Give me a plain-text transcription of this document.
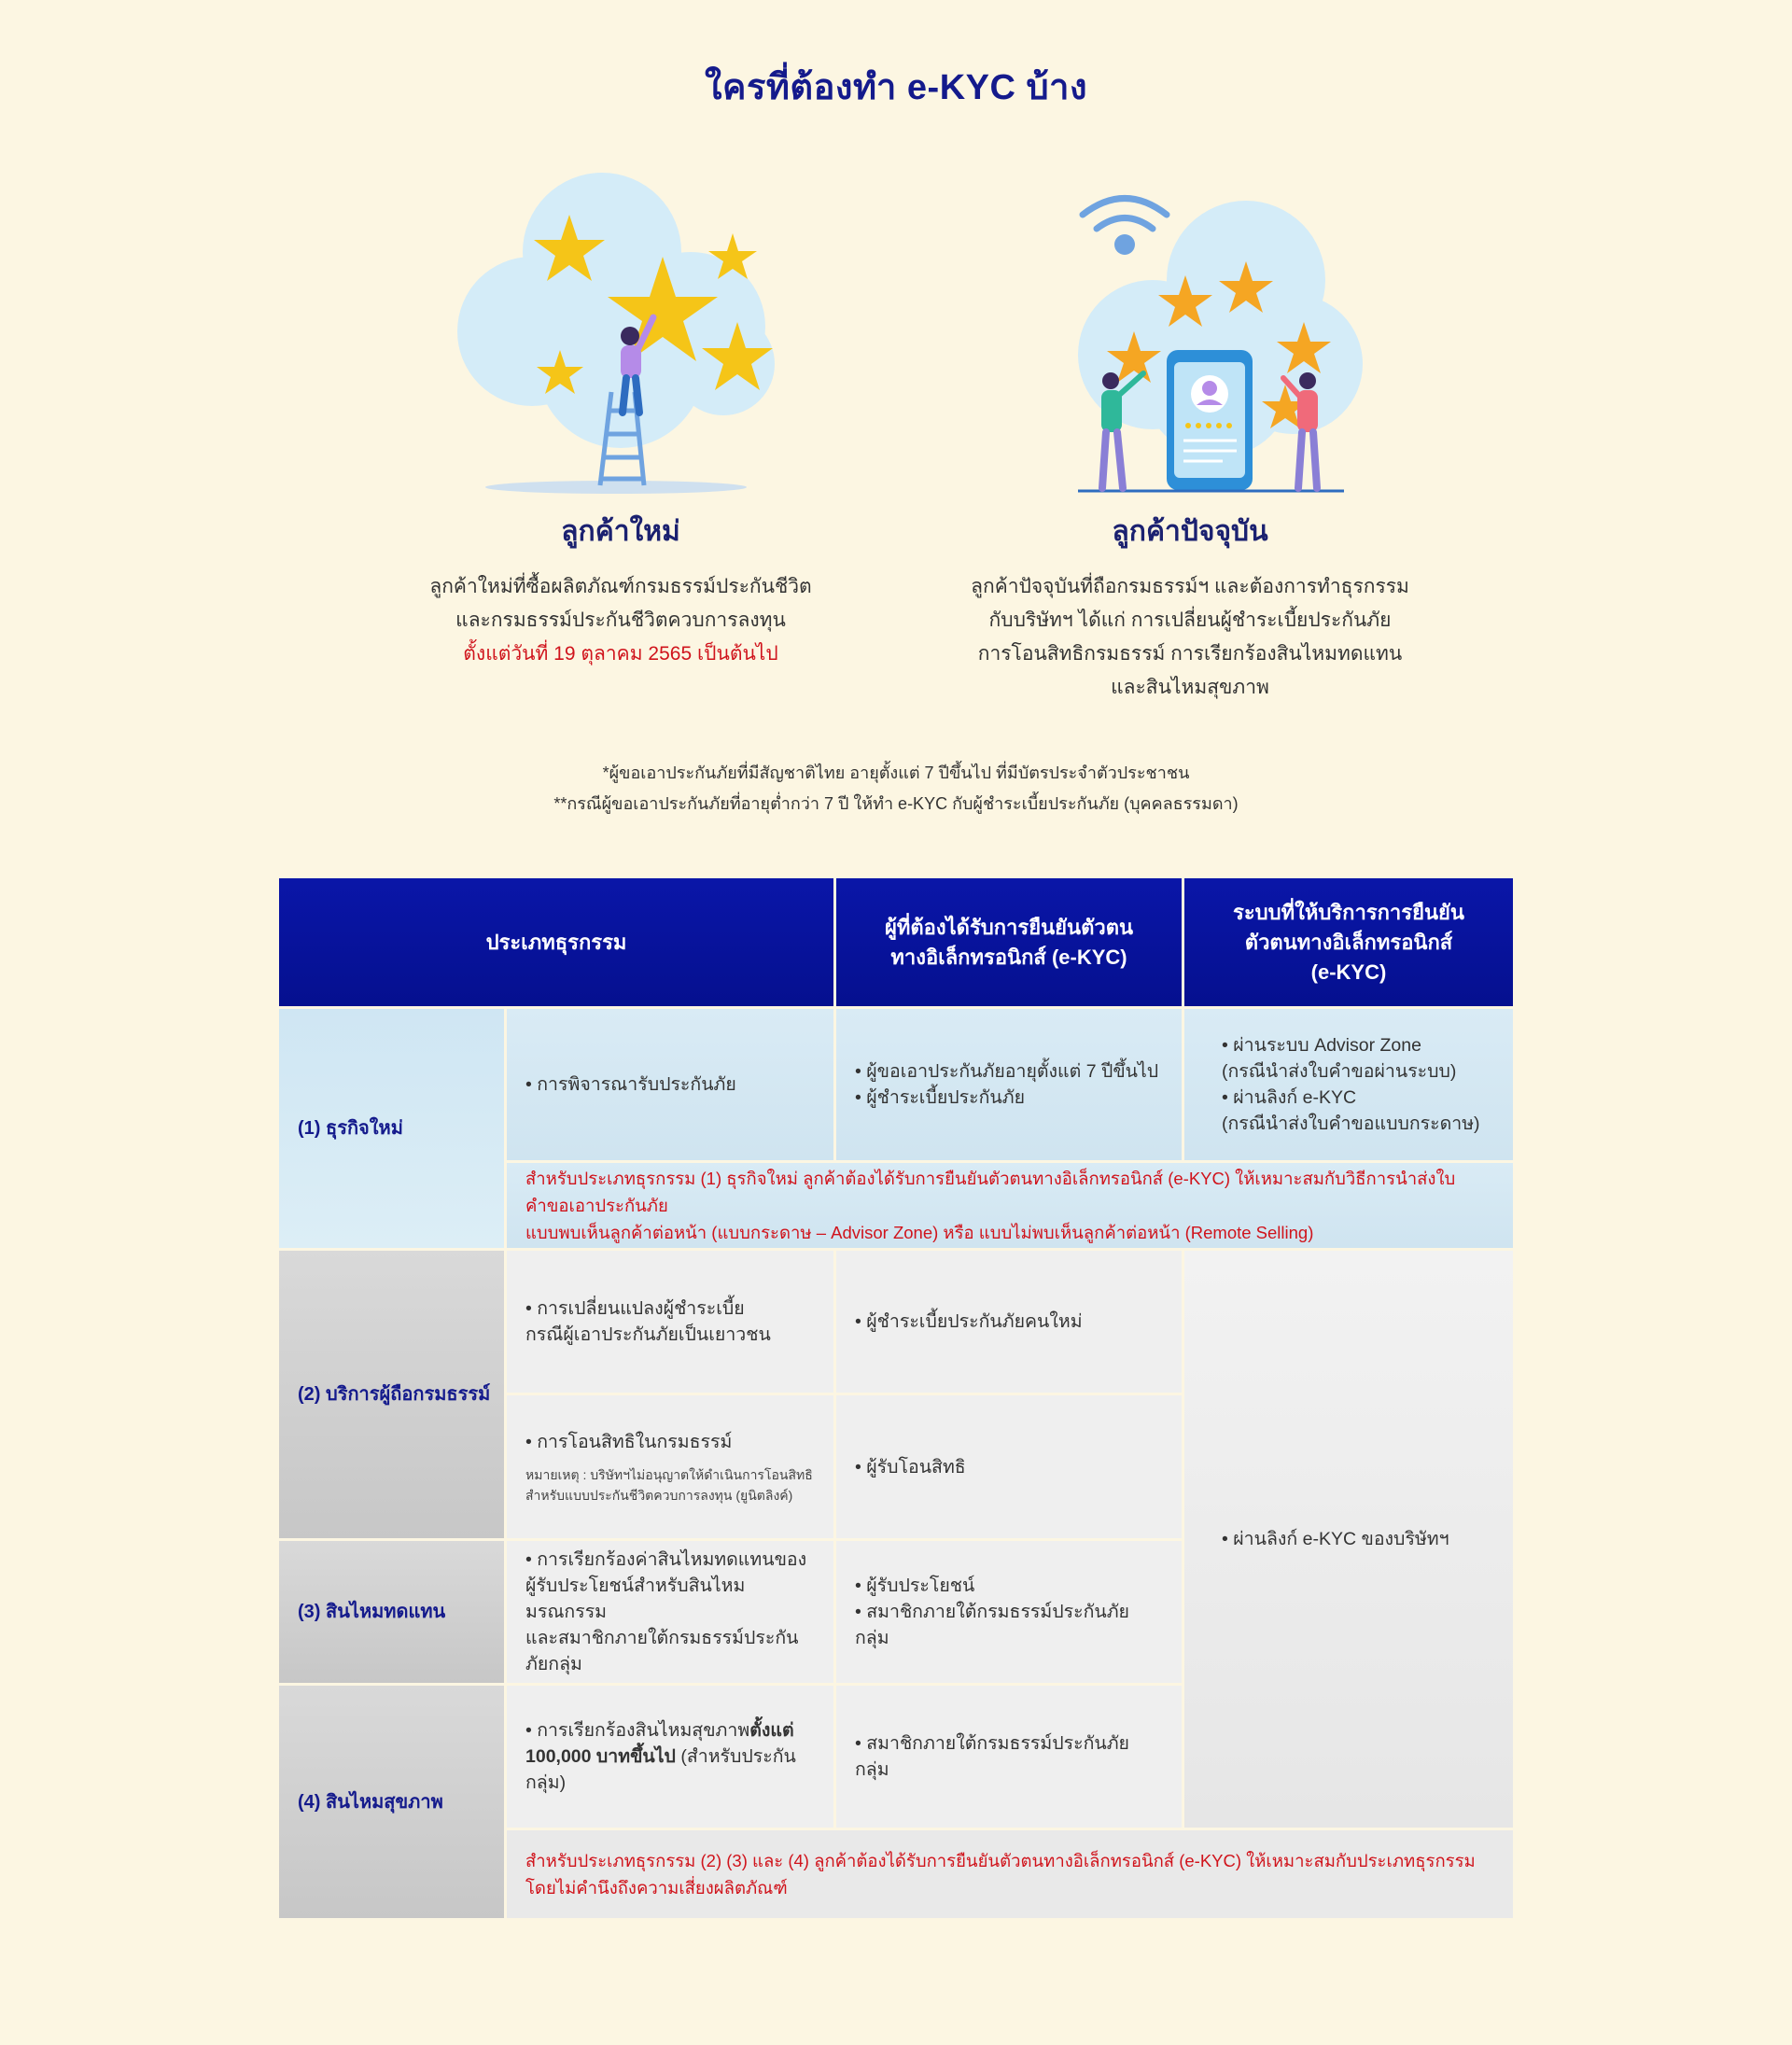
ใครที่ต้องทำ e-KYC บ้าง
ลูกค้าใหม่
ลูกค้าใหม่ที่ซื้อผลิตภัณฑ์กรมธรรม์ประกันชีวิต
และกรมธรรม์ประกันชีวิตควบการลงทุน
ตั้งแต่วันที่ 19 ตุลาคม 2565 เป็นต้นไป
ลูกค้าปัจจุบัน
ลูกค้าปัจจุบันที่ถือกรมธรรม์ฯ และต้องการทำธุรกรรม
กับบริษัทฯ ได้แก่ การเปลี่ยนผู้ชำระเบี้ยประกันภัย
การโอนสิทธิกรมธรรม์ การเรียกร้องสินไหมทดแทน
และสินไหมสุขภาพ
*ผู้ขอเอาประกันภัยที่มีสัญชาติไทย อายุตั้งแต่ 7 ปีขึ้นไป ที่มีบัตรประจำตัวประชาชน
**กรณีผู้ขอเอาประกันภัยที่อายุต่ำกว่า 7 ปี ให้ทำ e-KYC กับผู้ชำระเบี้ยประกันภัย (บุคคลธรรมดา)
ประเภทธุรกรรม
ผู้ที่ต้องได้รับการยืนยันตัวตน
ทางอิเล็กทรอนิกส์ (e-KYC)
ระบบที่ให้บริการการยืนยัน
ตัวตนทางอิเล็กทรอนิกส์
(e-KYC)
(1) ธุรกิจใหม่
• การพิจารณารับประกันภัย
• ผู้ขอเอาประกันภัยอายุตั้งแต่ 7 ปีขึ้นไป
• ผู้ชำระเบี้ยประกันภัย
• ผ่านระบบ Advisor Zone
(กรณีนำส่งใบคำขอผ่านระบบ)
• ผ่านลิงก์ e-KYC
(กรณีนำส่งใบคำขอแบบกระดาษ)
สำหรับประเภทธุรกรรม (1) ธุรกิจใหม่ ลูกค้าต้องได้รับการยืนยันตัวตนทางอิเล็กทรอนิกส์ (e-KYC) ให้เหมาะสมกับวิธีการนำส่งใบคำขอเอาประกันภัย
แบบพบเห็นลูกค้าต่อหน้า (แบบกระดาษ – Advisor Zone) หรือ แบบไม่พบเห็นลูกค้าต่อหน้า (Remote Selling)
(2) บริการผู้ถือกรมธรรม์
• การเปลี่ยนแปลงผู้ชำระเบี้ย
กรณีผู้เอาประกันภัยเป็นเยาวชน
• ผู้ชำระเบี้ยประกันภัยคนใหม่
• การโอนสิทธิในกรมธรรม์
หมายเหตุ : บริษัทฯไม่อนุญาตให้ดำเนินการโอนสิทธิ
สำหรับแบบประกันชีวิตควบการลงทุน (ยูนิตลิงค์)
• ผู้รับโอนสิทธิ
• ผ่านลิงก์ e-KYC ของบริษัทฯ
(3) สินไหมทดแทน
• การเรียกร้องค่าสินไหมทดแทนของ
ผู้รับประโยชน์สำหรับสินไหมมรณกรรม
และสมาชิกภายใต้กรมธรรม์ประกันภัยกลุ่ม
• ผู้รับประโยชน์
• สมาชิกภายใต้กรมธรรม์ประกันภัยกลุ่ม
(4) สินไหมสุขภาพ
• การเรียกร้องสินไหมสุขภาพตั้งแต่
100,000 บาทขึ้นไป (สำหรับประกันกลุ่ม)
• สมาชิกภายใต้กรมธรรม์ประกันภัยกลุ่ม
สำหรับประเภทธุรกรรม (2) (3) และ (4) ลูกค้าต้องได้รับการยืนยันตัวตนทางอิเล็กทรอนิกส์ (e-KYC) ให้เหมาะสมกับประเภทธุรกรรม
โดยไม่คำนึงถึงความเสี่ยงผลิตภัณฑ์
